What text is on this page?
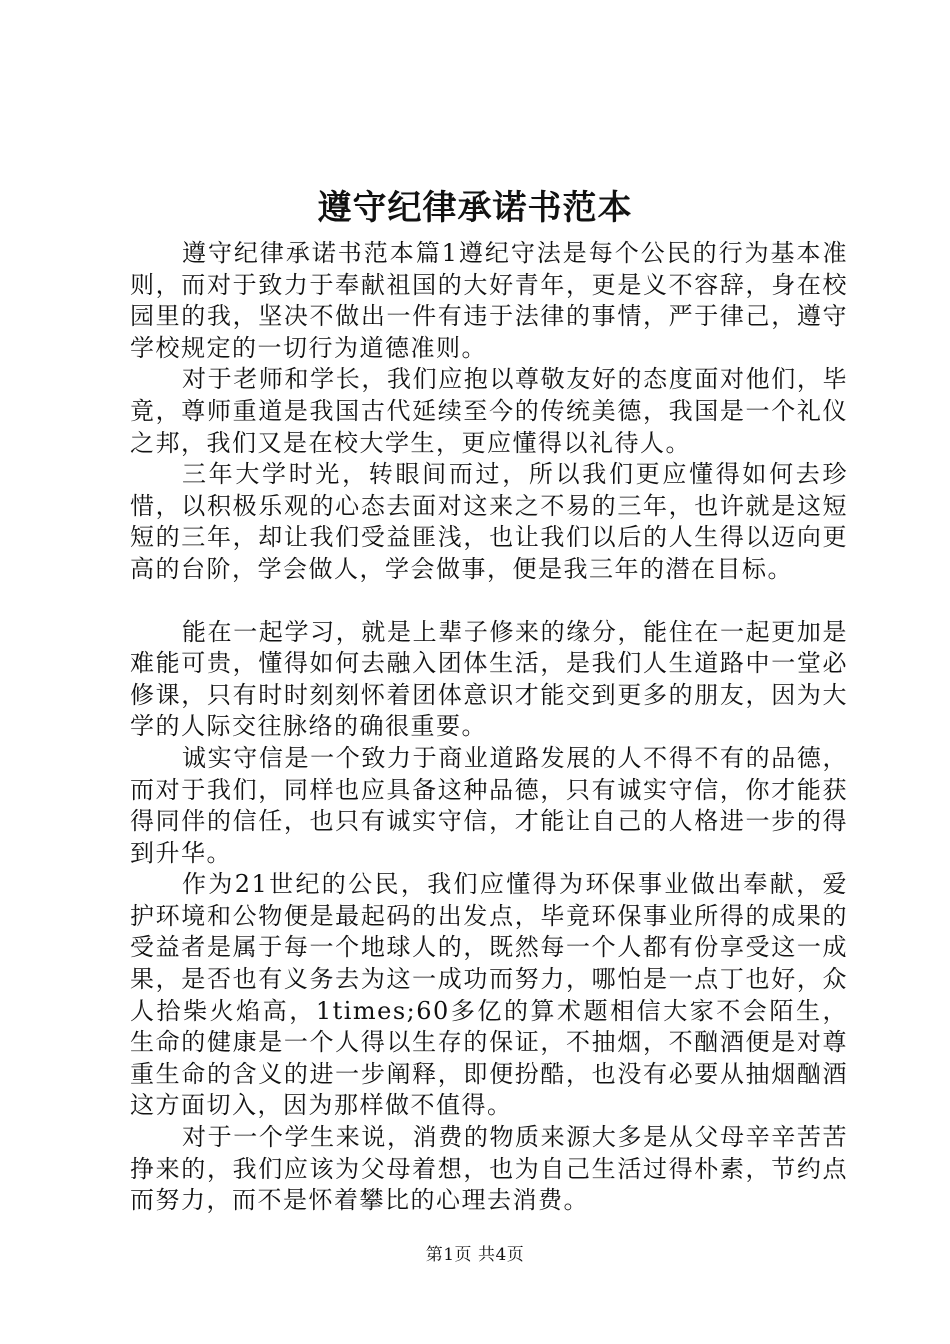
遵守纪律承诺书范本

遵守纪律承诺书范本篇1遵纪守法是每个公民的行为基本准则，而对于致力于奉献祖国的大好青年，更是义不容辞，身在校园里的我，坚决不做出一件有违于法律的事情，严于律己，遵守学校规定的一切行为道德准则。

对于老师和学长，我们应抱以尊敬友好的态度面对他们，毕竟，尊师重道是我国古代延续至今的传统美德，我国是一个礼仪之邦，我们又是在校大学生，更应懂得以礼待人。

三年大学时光，转眼间而过，所以我们更应懂得如何去珍惜，以积极乐观的心态去面对这来之不易的三年，也许就是这短短的三年，却让我们受益匪浅，也让我们以后的人生得以迈向更高的台阶，学会做人，学会做事，便是我三年的潜在目标。

能在一起学习，就是上辈子修来的缘分，能住在一起更加是难能可贵，懂得如何去融入团体生活，是我们人生道路中一堂必修课，只有时时刻刻怀着团体意识才能交到更多的朋友，因为大学的人际交往脉络的确很重要。

诚实守信是一个致力于商业道路发展的人不得不有的品德，而对于我们，同样也应具备这种品德，只有诚实守信，你才能获得同伴的信任，也只有诚实守信，才能让自己的人格进一步的得到升华。

作为21世纪的公民，我们应懂得为环保事业做出奉献，爱护环境和公物便是最起码的出发点，毕竟环保事业所得的成果的受益者是属于每一个地球人的，既然每一个人都有份享受这一成果，是否也有义务去为这一成功而努力，哪怕是一点丁也好，众人拾柴火焰高，1times;60多亿的算术题相信大家不会陌生，生命的健康是一个人得以生存的保证，不抽烟，不酗酒便是对尊重生命的含义的进一步阐释，即便扮酷，也没有必要从抽烟酗酒这方面切入，因为那样做不值得。

对于一个学生来说，消费的物质来源大多是从父母辛辛苦苦挣来的，我们应该为父母着想，也为自己生活过得朴素，节约点而努力，而不是怀着攀比的心理去消费。

第1页 共4页
